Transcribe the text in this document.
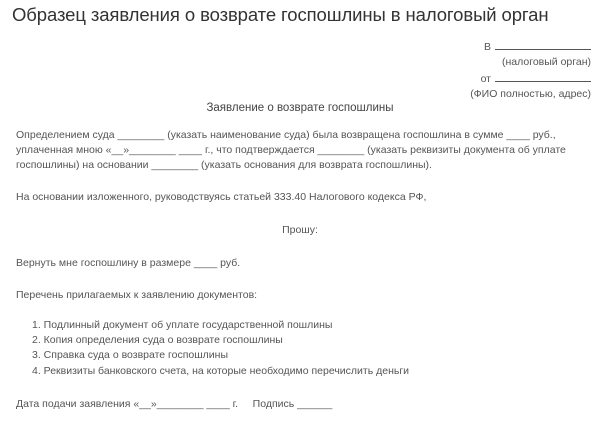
Образец заявления о возврате госпошлины в налоговый орган
В
(налоговый орган)
от
(ФИО полностью, адрес)
Заявление о возврате госпошлины
Определением суда ________ (указать наименование суда) была возвращена госпошлина в сумме ____ руб.,
уплаченная мною «__»________ ____ г., что подтверждается ________ (указать реквизиты документа об уплате
госпошлины) на основании ________ (указать основания для возврата госпошлины).
На основании изложенного, руководствуясь статьей 333.40 Налогового кодекса РФ,
Прошу:
Вернуть мне госпошлину в размере ____ руб.
Перечень прилагаемых к заявлению документов:
1. Подлинный документ об уплате государственной пошлины
2. Копия определения суда о возврате госпошлины
3. Справка суда о возврате госпошлины
4. Реквизиты банковского счета, на которые необходимо перечислить деньги
Дата подачи заявления «__»________ ____ г.     Подпись ______
